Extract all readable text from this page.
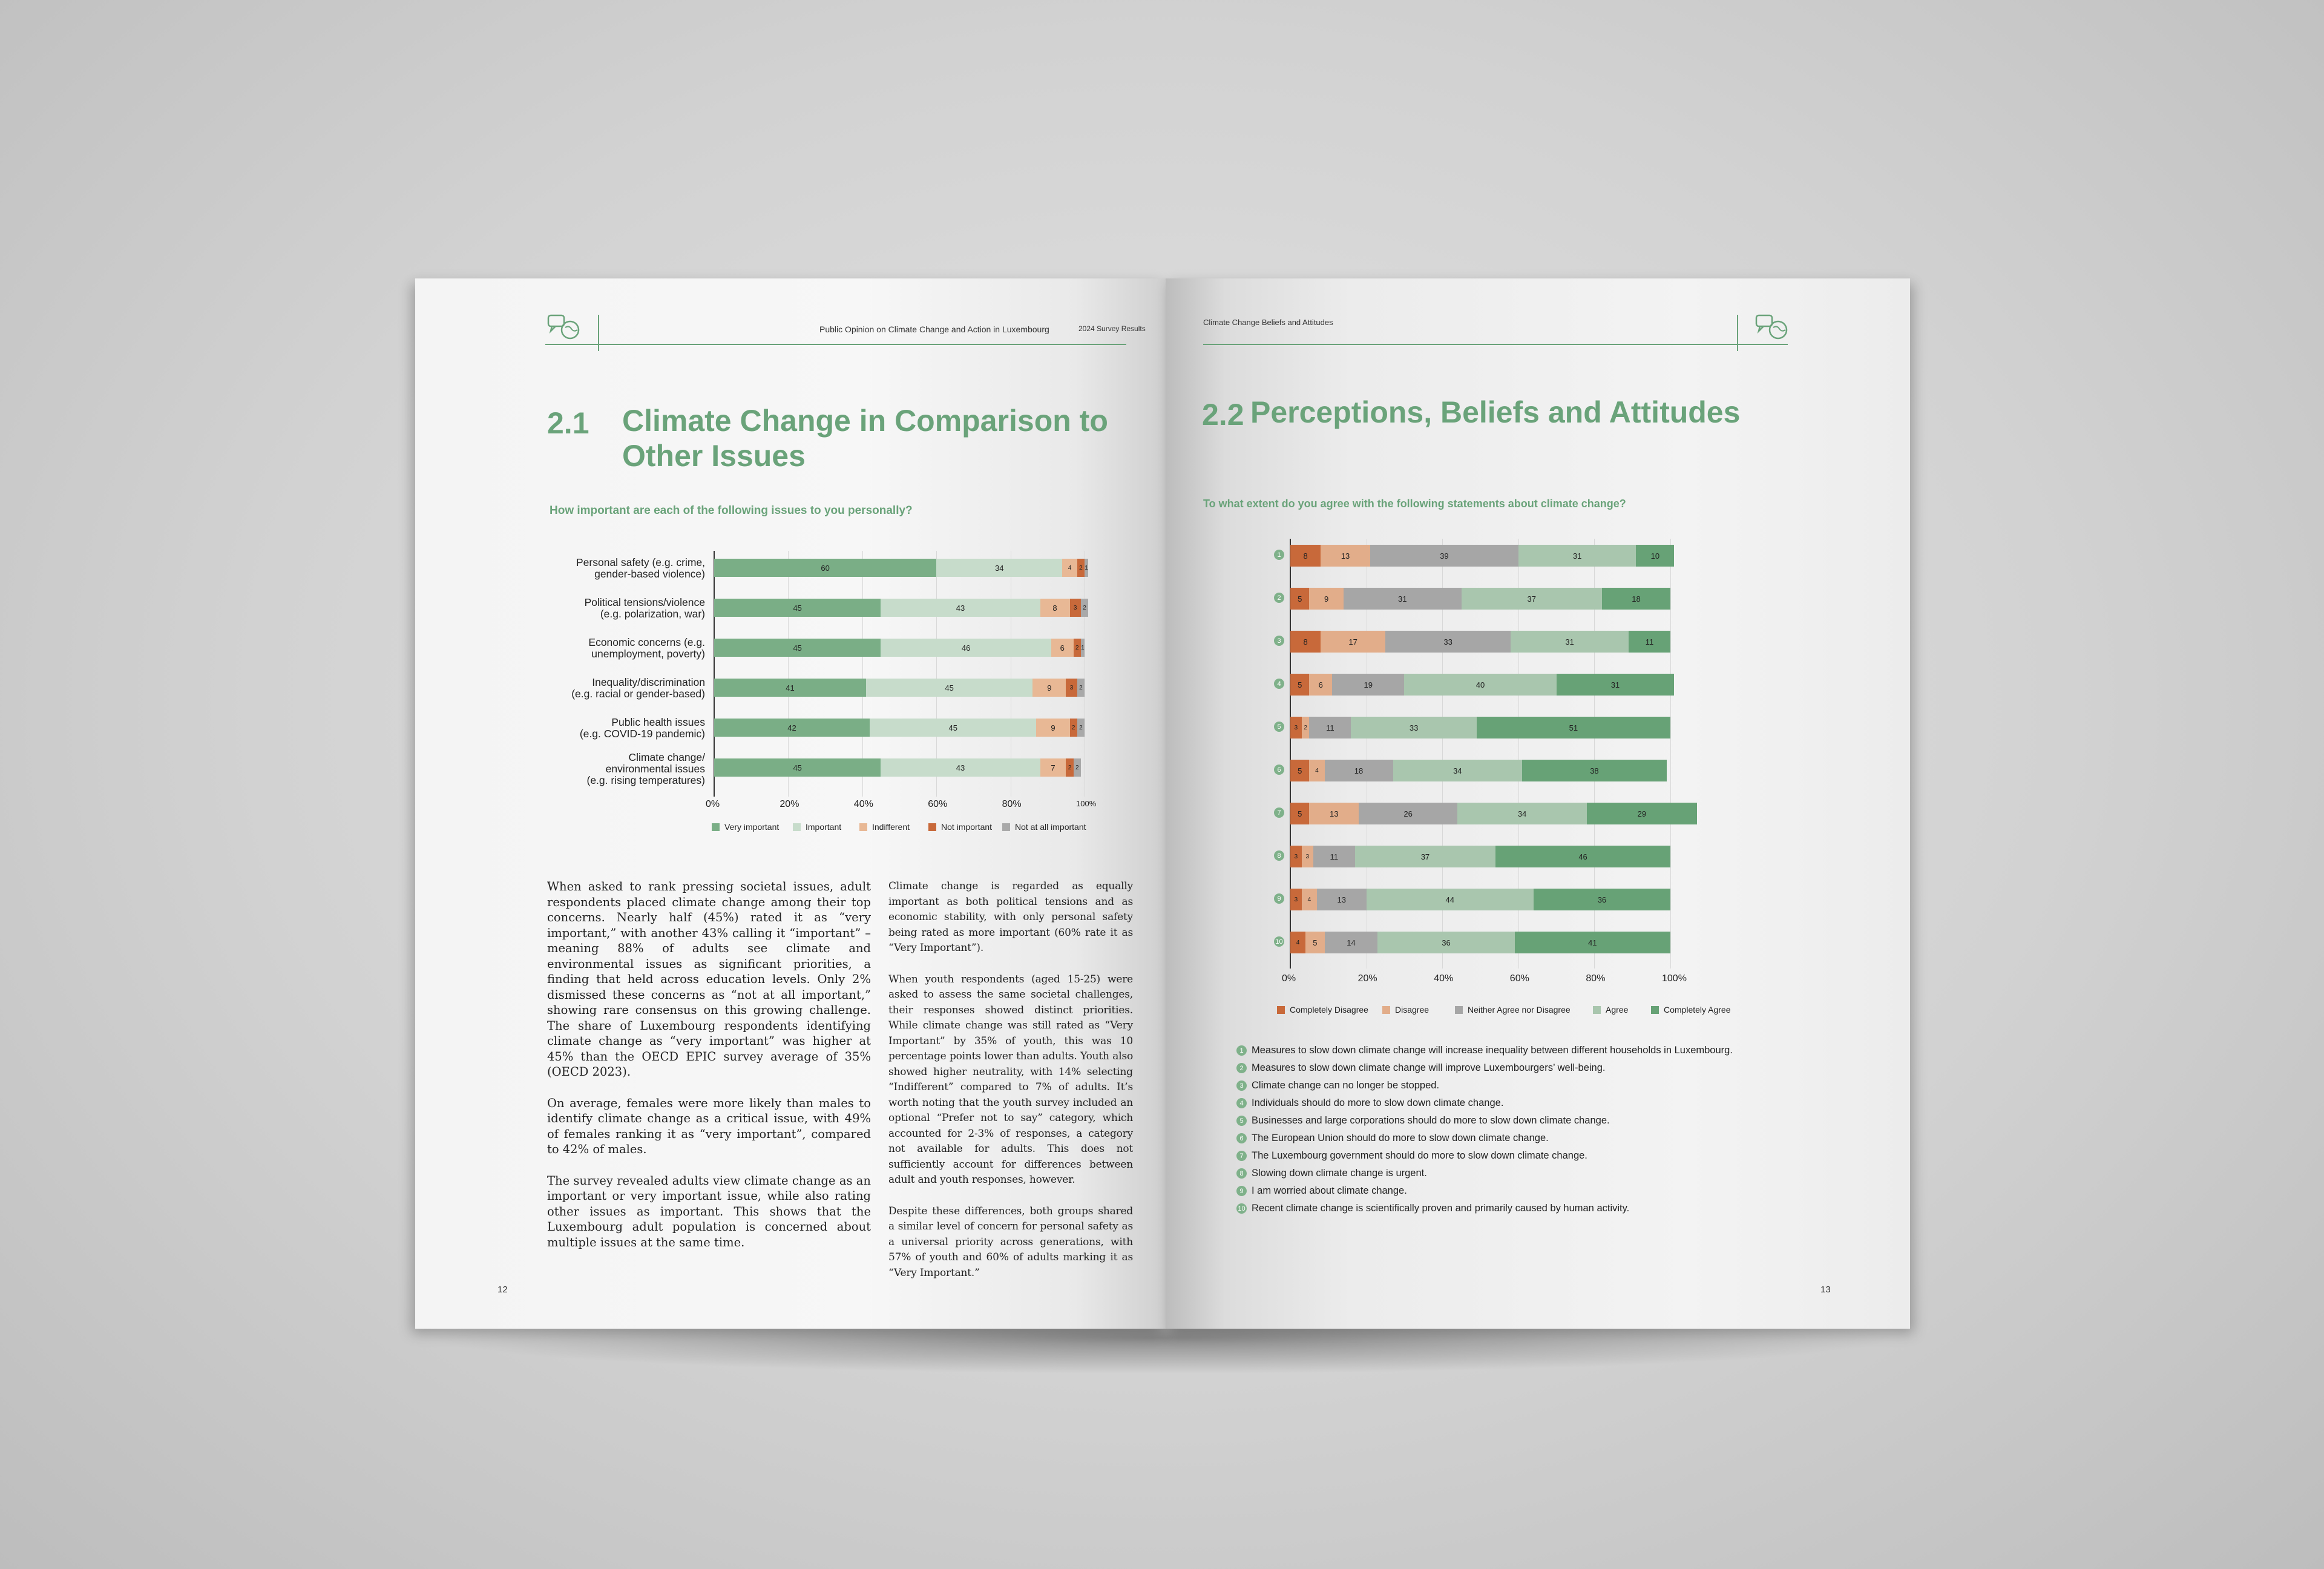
Public Opinion on Climate Change and Action in Luxembourg	2024 Survey Results
2.1 Climate Change in Comparison to
Other Issues
How important are each of the following issues to you personally?
Personal safety (e.g. crime,
gender-based violence)	60	34	4	2 1
Political tensions/violence
(e.g. polarization, war)	45	43	8	3 2
Economic concerns (e.g.
unemployment, poverty)	45	46	6	2 1
Inequality/discrimination
(e.g. racial or gender-based)	41	45	9	3 2
Public health issues
(e.g. COVID-19 pandemic)	42	45	9	2 2
Climate change/
environmental issues
(e.g. rising temperatures)
45	43	7	2 2
0%	20%	40%	60%	80%	100%
Very important	Important	Indifferent	Not important	Not at all important

When asked to rank pressing societal issues, adult respondents placed climate change among their top concerns. Nearly half (45%) rated it as “very important,” with another 43% calling it “important” – meaning 88% of adults see climate and environmental issues as significant priorities, a finding that held across education levels. Only 2% dismissed these concerns as “not at all important,” showing rare consensus on this growing challenge. The share of Luxembourg respondents identifying climate change as “very important” was higher at 45% than the OECD EPIC survey average of 35% (OECD 2023).

On average, females were more likely than males to identify climate change as a critical issue, with 49% of females ranking it as “very important”, compared to 42% of males.

The survey revealed adults view climate change as an important or very important issue, while also rating other issues as important. This shows that the Luxembourg adult population is concerned about multiple issues at the same time.

Climate change is regarded as equally important as both political tensions and as economic stability, with only personal safety being rated as more important (60% rate it as “Very Important”).

When youth respondents (aged 15-25) were asked to assess the same societal challenges, their responses showed distinct priorities. While climate change was still rated as “Very Important” by 35% of youth, this was 10 percentage points lower than adults. Youth also showed higher neutrality, with 14% selecting “Indifferent” compared to 7% of adults. It’s worth noting that the youth survey included an optional “Prefer not to say” category, which accounted for 2-3% of responses, a category not available for adults. This does not sufficiently account for differences between adult and youth responses, however.

Despite these differences, both groups shared a similar level of concern for personal safety as a universal priority across generations, with 57% of youth and 60% of adults marking it as “Very Important.”

12
Climate Change Beliefs and Attitudes
2.2 Perceptions, Beliefs and Attitudes
To what extent do you agree with the following statements about climate change?
1	8	13	39	31	10
2	5	9	31	37	18
3	8	17	33	31	11
4	5	6	19	40	31
5	3	2	11	33	51
6	5	4	18	34	38
7	5	13	26	34	29
8	3	3	11	37	46
9	3	4	13	44	36
10	4	5	14	36	41
0%	20%	40%	60%	80%	100%
Completely Disagree	Disagree	Neither Agree nor Disagree	Agree	Completely Agree
1 Measures to slow down climate change will increase inequality between different households in Luxembourg.
2 Measures to slow down climate change will improve Luxembourgers’ well-being.
3 Climate change can no longer be stopped.
4 Individuals should do more to slow down climate change.
5 Businesses and large corporations should do more to slow down climate change.
6 The European Union should do more to slow down climate change.
7 The Luxembourg government should do more to slow down climate change.
8 Slowing down climate change is urgent.
9 I am worried about climate change.
10 Recent climate change is scientifically proven and primarily caused by human activity.
13
